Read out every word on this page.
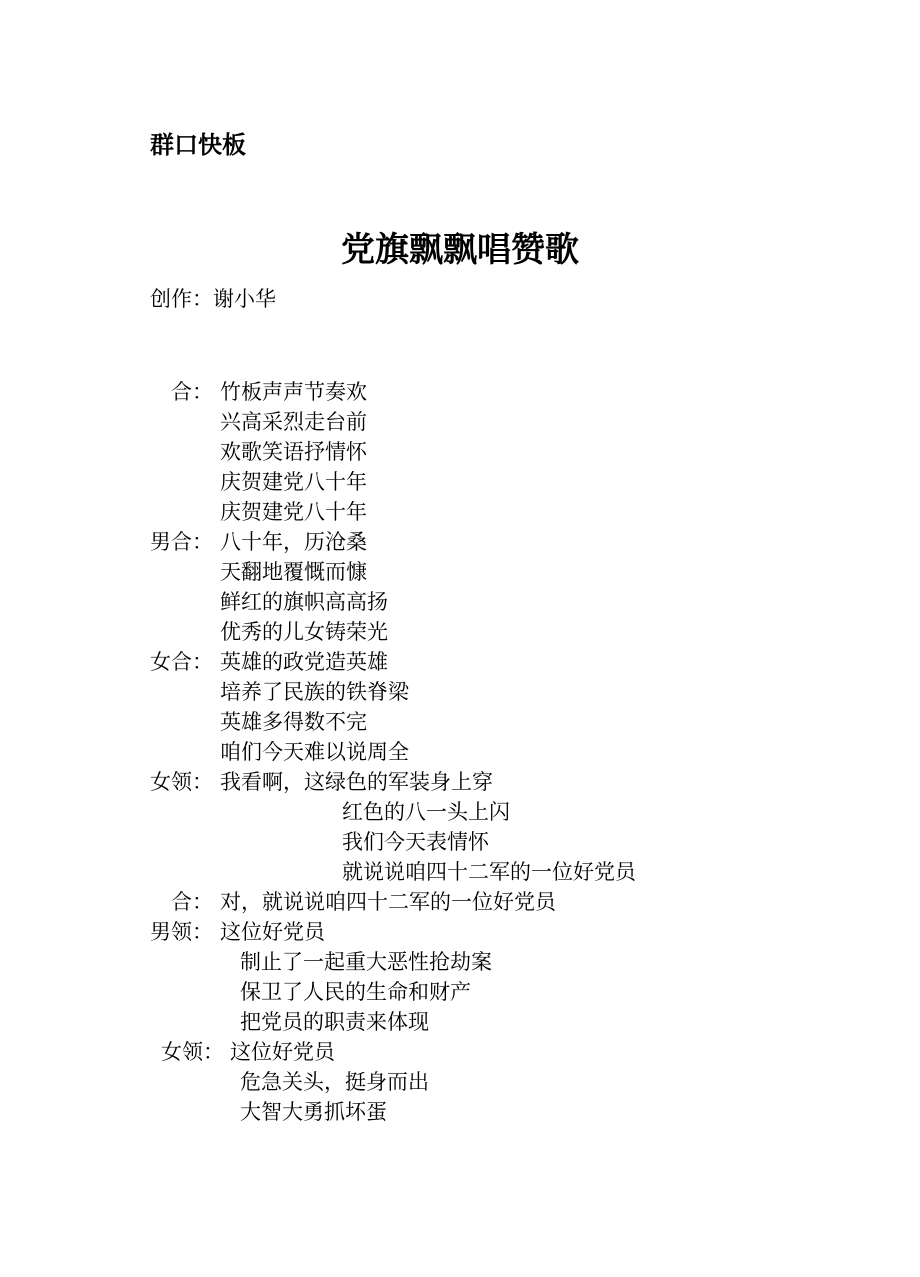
群口快板
党旗飘飘唱赞歌
创作：谢小华
合： 竹板声声节奏欢
兴高采烈走台前
欢歌笑语抒情怀
庆贺建党八十年
庆贺建党八十年
男合： 八十年，历沧桑
天翻地覆慨而慷
鲜红的旗帜高高扬
优秀的儿女铸荣光
女合： 英雄的政党造英雄
培养了民族的铁脊梁
英雄多得数不完
咱们今天难以说周全
女领： 我看啊，这绿色的军装身上穿
红色的八一头上闪
我们今天表情怀
就说说咱四十二军的一位好党员
合： 对，就说说咱四十二军的一位好党员
男领： 这位好党员
制止了一起重大恶性抢劫案
保卫了人民的生命和财产
把党员的职责来体现
女领： 这位好党员
危急关头，挺身而出
大智大勇抓坏蛋
